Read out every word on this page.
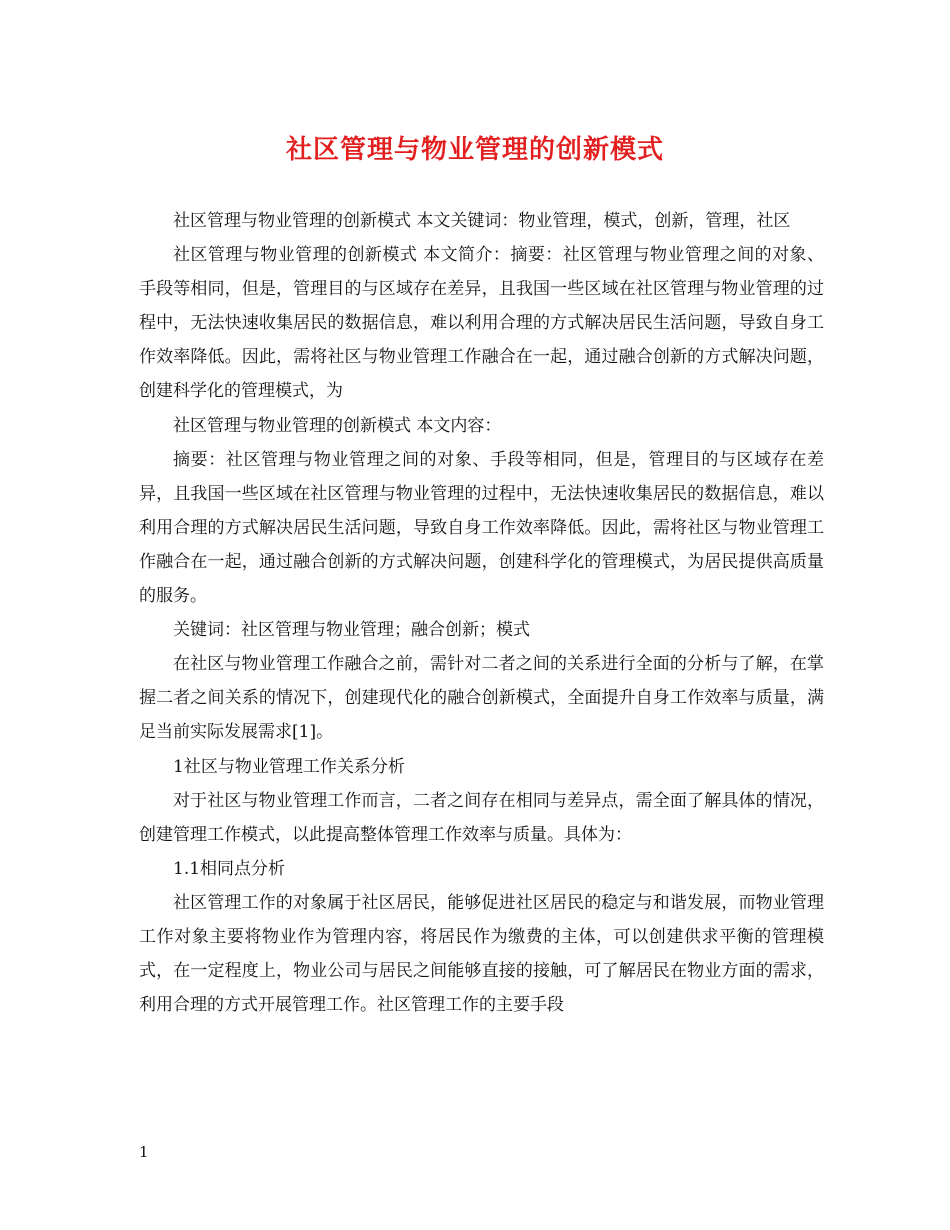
社区管理与物业管理的创新模式

社区管理与物业管理的创新模式 本文关键词：物业管理，模式，创新，管理，社区

社区管理与物业管理的创新模式 本文简介：摘要：社区管理与物业管理之间的对象、手段等相同，但是，管理目的与区域存在差异，且我国一些区域在社区管理与物业管理的过程中，无法快速收集居民的数据信息，难以利用合理的方式解决居民生活问题，导致自身工作效率降低。因此，需将社区与物业管理工作融合在一起，通过融合创新的方式解决问题，创建科学化的管理模式，为

社区管理与物业管理的创新模式 本文内容：

摘要：社区管理与物业管理之间的对象、手段等相同，但是，管理目的与区域存在差异，且我国一些区域在社区管理与物业管理的过程中，无法快速收集居民的数据信息，难以利用合理的方式解决居民生活问题，导致自身工作效率降低。因此，需将社区与物业管理工作融合在一起，通过融合创新的方式解决问题，创建科学化的管理模式，为居民提供高质量的服务。

关键词：社区管理与物业管理；融合创新；模式

在社区与物业管理工作融合之前，需针对二者之间的关系进行全面的分析与了解，在掌握二者之间关系的情况下，创建现代化的融合创新模式，全面提升自身工作效率与质量，满足当前实际发展需求[1]。

1社区与物业管理工作关系分析

对于社区与物业管理工作而言，二者之间存在相同与差异点，需全面了解具体的情况，创建管理工作模式，以此提高整体管理工作效率与质量。具体为：

1.1相同点分析

社区管理工作的对象属于社区居民，能够促进社区居民的稳定与和谐发展，而物业管理工作对象主要将物业作为管理内容，将居民作为缴费的主体，可以创建供求平衡的管理模式，在一定程度上，物业公司与居民之间能够直接的接触，可了解居民在物业方面的需求，利用合理的方式开展管理工作。社区管理工作的主要手段

1
